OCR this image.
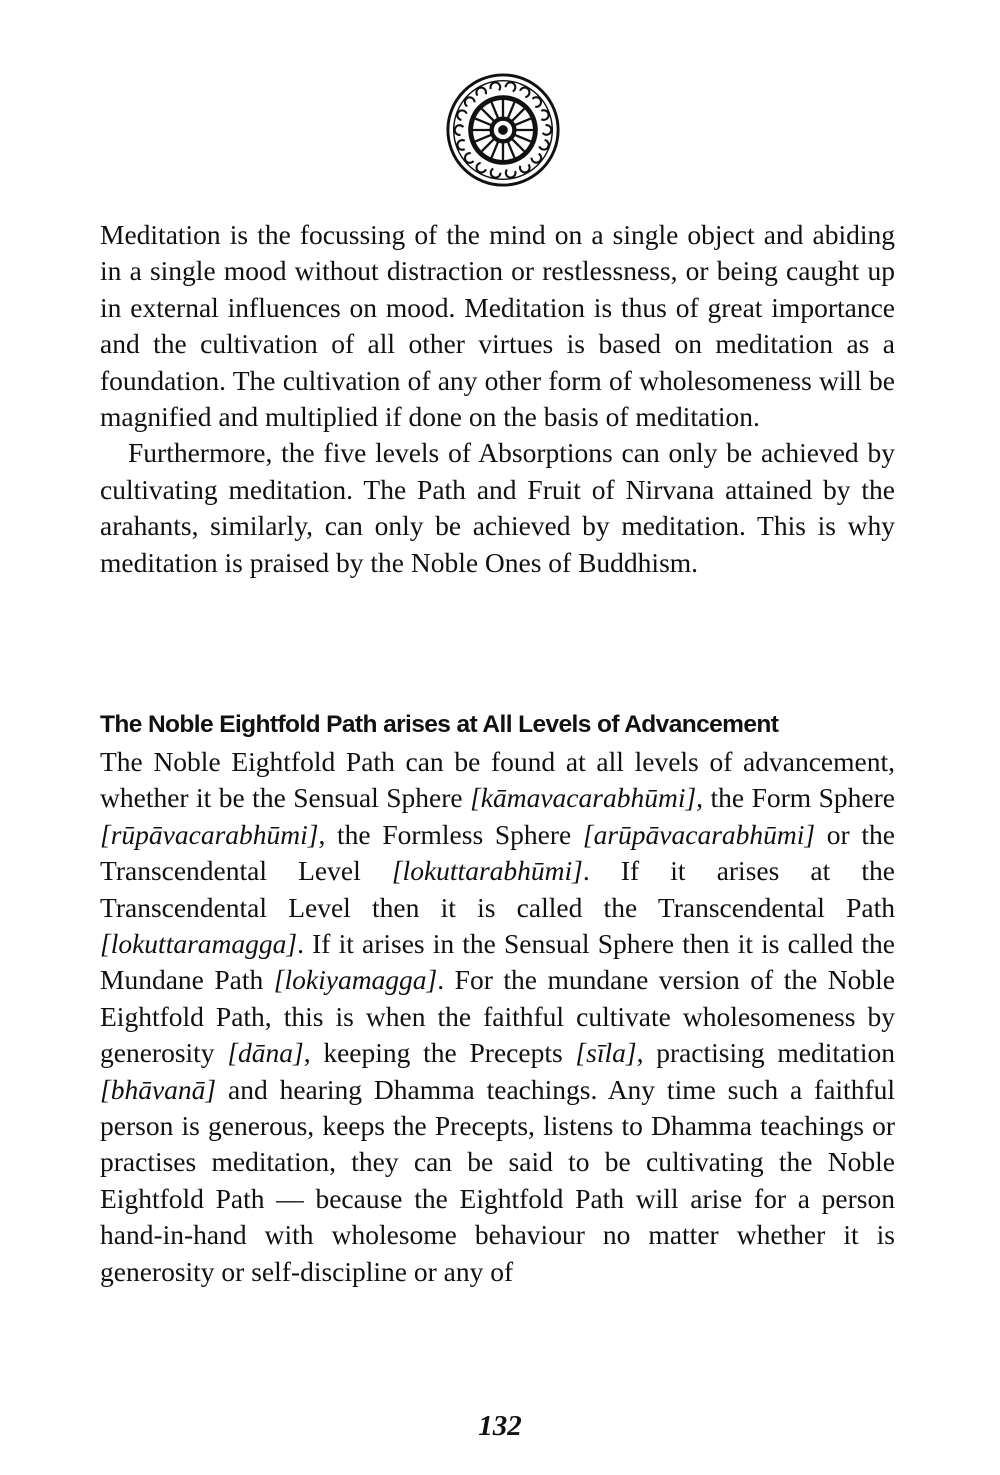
Meditation is the focussing of the mind on a single object and abiding in a single mood without distraction or restlessness, or being caught up in external influences on mood. Meditation is thus of great importance and the cultivation of all other virtues is based on meditation as a foundation. The cultivation of any other form of wholesomeness will be magnified and multiplied if done on the basis of meditation.

Furthermore, the five levels of Absorptions can only be achieved by cultivating meditation. The Path and Fruit of Nirvana attained by the arahants, similarly, can only be achieved by meditation. This is why meditation is praised by the Noble Ones of Buddhism.

The Noble Eightfold Path arises at All Levels of Advancement

The Noble Eightfold Path can be found at all levels of advancement, whether it be the Sensual Sphere [kāmavacarabhūmi], the Form Sphere [rūpāvacarabhūmi], the Formless Sphere [arūpāvacarabhūmi] or the Transcendental Level [lokuttarabhūmi]. If it arises at the Transcendental Level then it is called the Transcendental Path [lokuttaramagga]. If it arises in the Sensual Sphere then it is called the Mundane Path [lokiyamagga]. For the mundane version of the Noble Eightfold Path, this is when the faithful cultivate wholesomeness by generosity [dāna], keeping the Precepts [sīla], practising meditation [bhāvanā] and hearing Dhamma teachings. Any time such a faithful person is generous, keeps the Precepts, listens to Dhamma teachings or practises meditation, they can be said to be cultivating the Noble Eightfold Path — because the Eightfold Path will arise for a person hand-in-hand with wholesome behaviour no matter whether it is generosity or self-discipline or any of

132
